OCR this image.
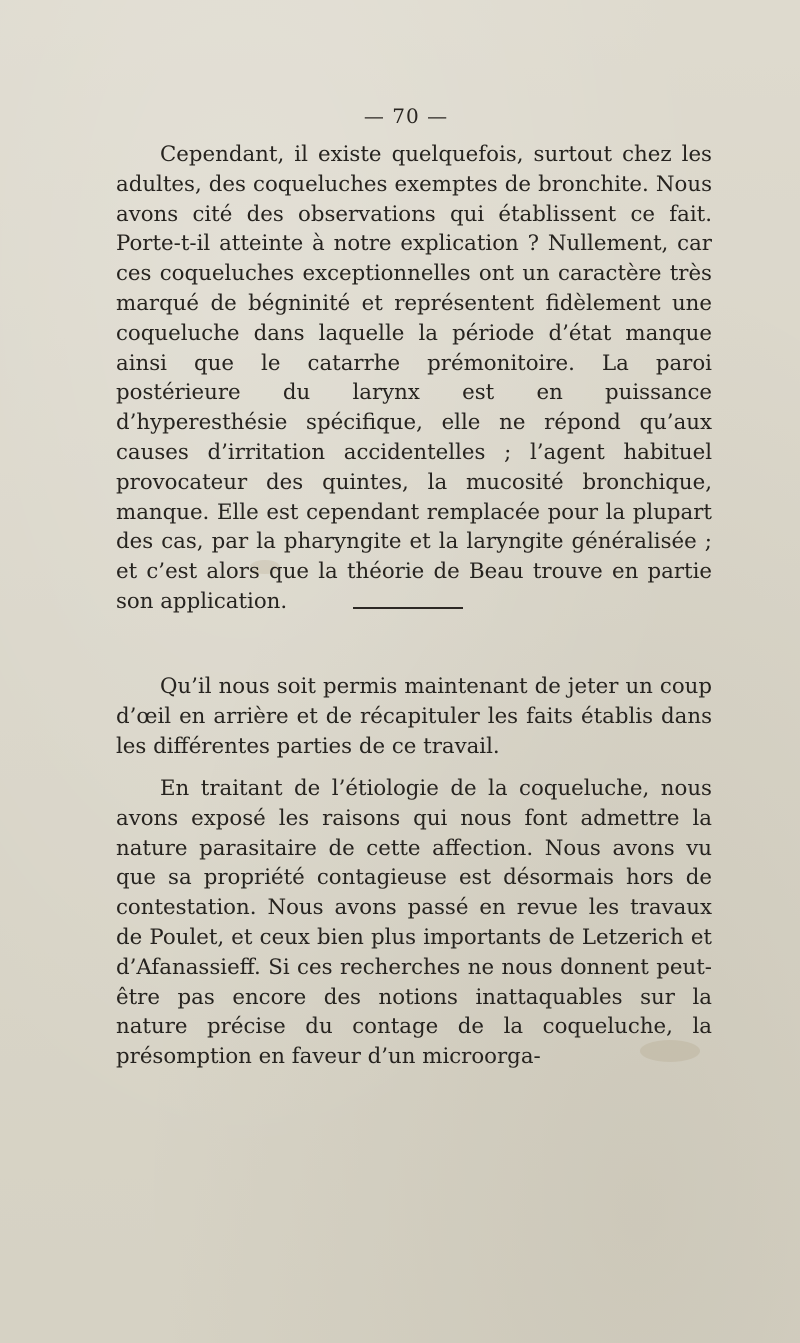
— 70 —

Cependant, il existe quelquefois, surtout chez les adultes, des coqueluches exemptes de bronchite. Nous avons cité des observations qui établissent ce fait. Porte-t-il atteinte à notre explication ? Nullement, car ces coqueluches exceptionnelles ont un caractère très marqué de bégninité et représentent fidèlement une coqueluche dans laquelle la période d’état manque ainsi que le catarrhe prémonitoire. La paroi postérieure du larynx est en puissance d’hyperesthésie spécifique, elle ne répond qu’aux causes d’irritation accidentelles ; l’agent habituel provocateur des quintes, la mucosité bronchique, manque. Elle est cependant remplacée pour la plupart des cas, par la pharyngite et la laryngite généralisée ; et c’est alors que la théorie de Beau trouve en partie son application.

Qu’il nous soit permis maintenant de jeter un coup d’œil en arrière et de récapituler les faits établis dans les différentes parties de ce travail.

En traitant de l’étiologie de la coqueluche, nous avons exposé les raisons qui nous font admettre la nature parasitaire de cette affection. Nous avons vu que sa propriété contagieuse est désormais hors de contestation. Nous avons passé en revue les travaux de Poulet, et ceux bien plus importants de Letzerich et d’Afanassieff. Si ces recherches ne nous donnent peut-être pas encore des notions inattaquables sur la nature précise du contage de la coqueluche, la présomption en faveur d’un microorga-
